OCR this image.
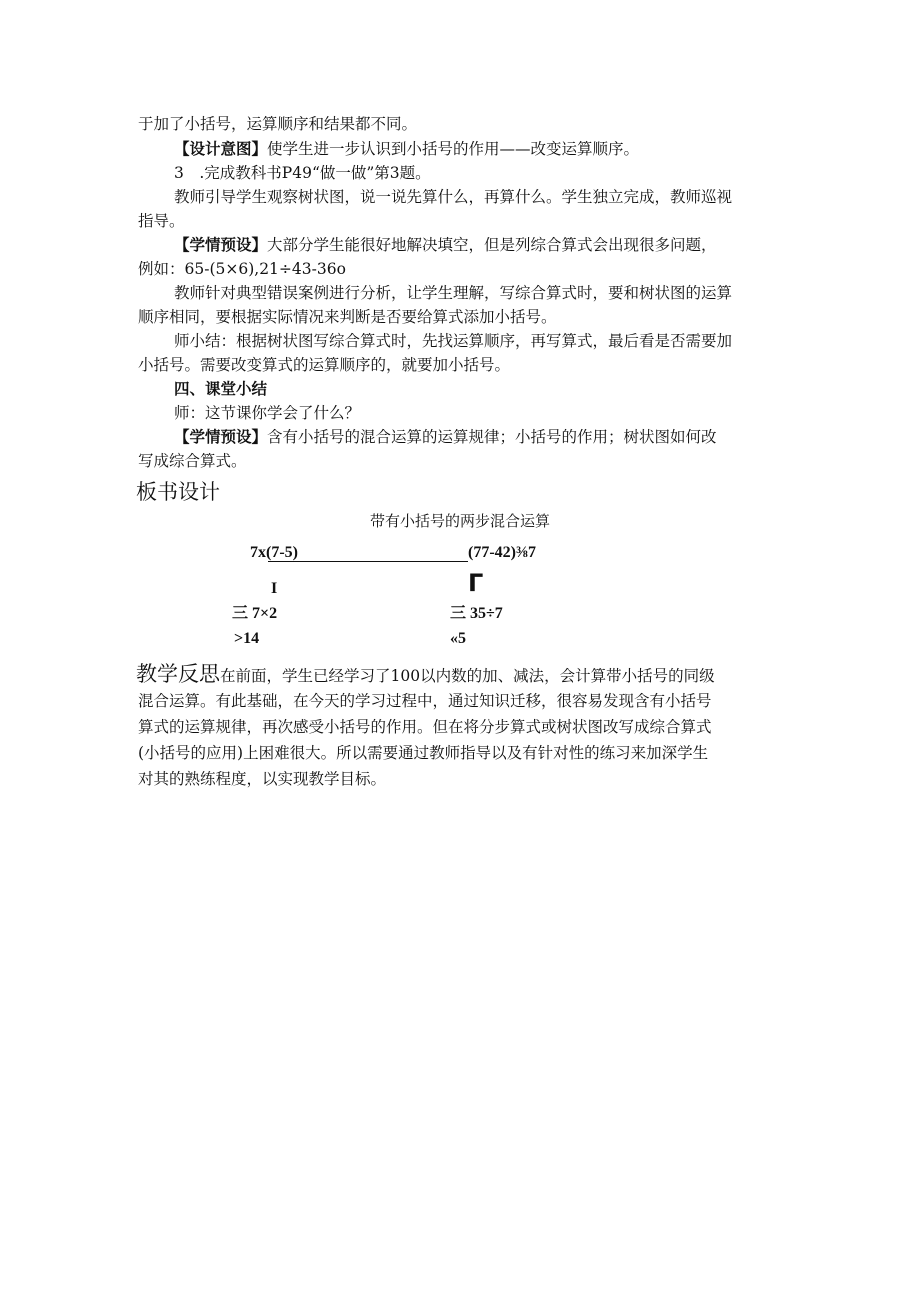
于加了小括号，运算顺序和结果都不同。
【设计意图】使学生进一步认识到小括号的作用——改变运算顺序。
3　.完成教科书P49“做一做”第3题。
教师引导学生观察树状图，说一说先算什么，再算什么。学生独立完成，教师巡视
指导。
【学情预设】大部分学生能很好地解决填空，但是列综合算式会出现很多问题，
例如：65-(5×6),21÷43-36o
教师针对典型错误案例进行分析，让学生理解，写综合算式时，要和树状图的运算
顺序相同，要根据实际情况来判断是否要给算式添加小括号。
师小结：根据树状图写综合算式时，先找运算顺序，再写算式，最后看是否需要加
小括号。需要改变算式的运算顺序的，就要加小括号。
四、课堂小结
师：这节课你学会了什么？
【学情预设】含有小括号的混合运算的运算规律；小括号的作用；树状图如何改
写成综合算式。
板书设计
带有小括号的两步混合运算
7x(7-5)	(77-42)⅜7
I	Γ
三 7×2	三 35÷7
>14	«5
教学反思在前面，学生已经学习了100以内数的加、减法，会计算带小括号的同级
混合运算。有此基础，在今天的学习过程中，通过知识迁移，很容易发现含有小括号
算式的运算规律，再次感受小括号的作用。但在将分步算式或树状图改写成综合算式
(小括号的应用)上困难很大。所以需要通过教师指导以及有针对性的练习来加深学生
对其的熟练程度，以实现教学目标。
